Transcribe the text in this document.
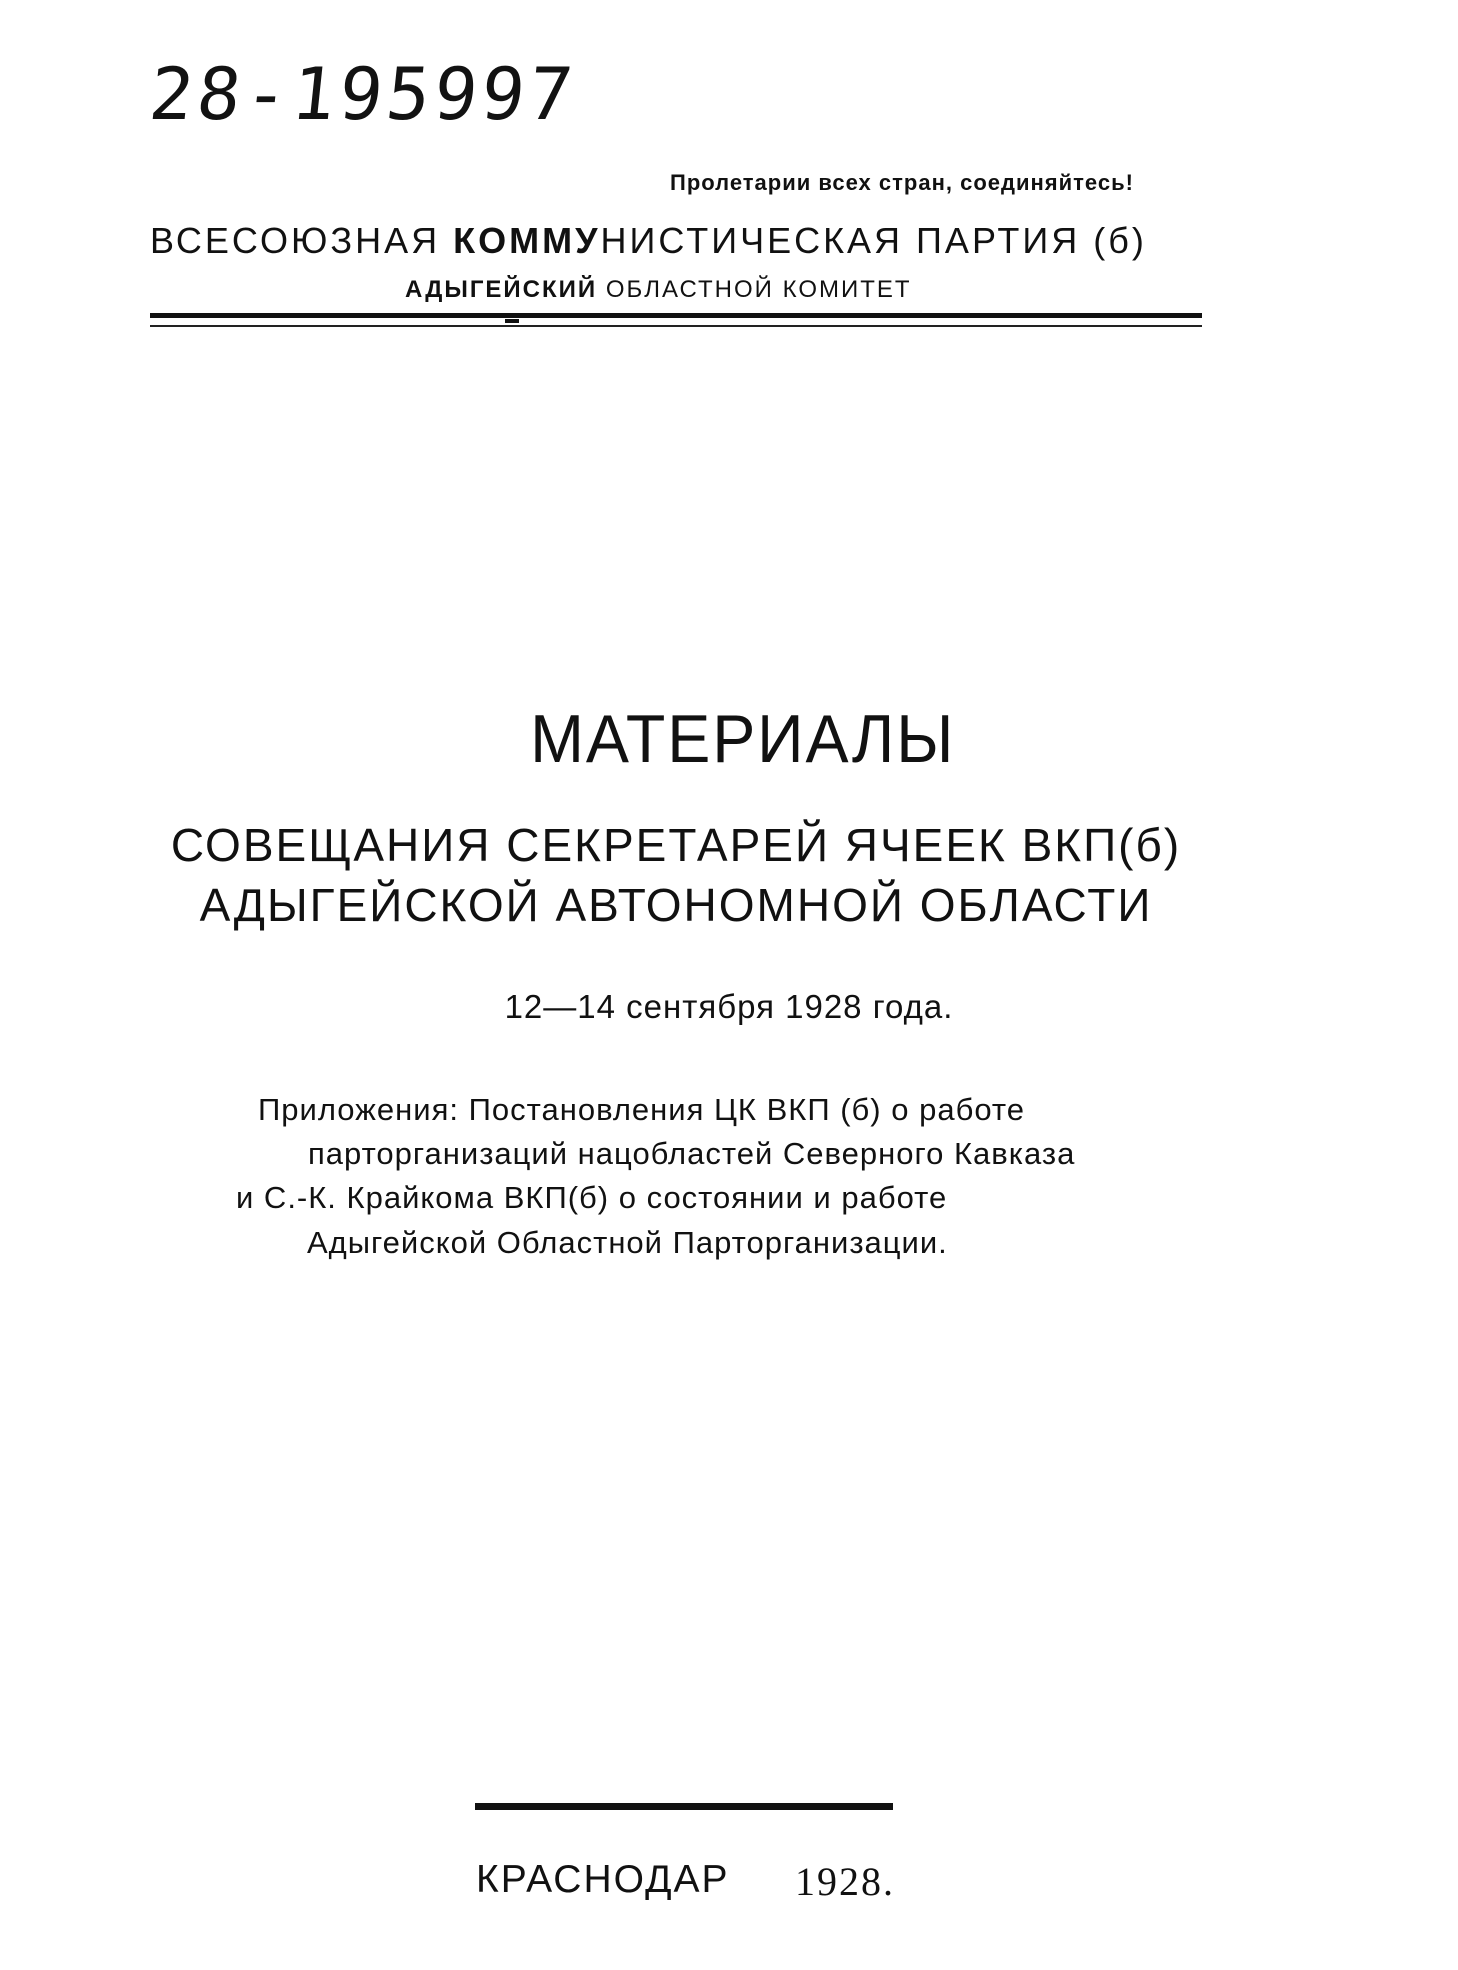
28-195997
Пролетарии всех стран, соединяйтесь!
ВСЕСОЮЗНАЯ КОММУНИСТИЧЕСКАЯ ПАРТИЯ (б)
АДЫГЕЙСКИЙ ОБЛАСТНОЙ КОМИТЕТ
МАТЕРИАЛЫ
СОВЕЩАНИЯ СЕКРЕТАРЕЙ ЯЧЕЕК ВКП(б)
АДЫГЕЙСКОЙ АВТОНОМНОЙ ОБЛАСТИ
12—14 сентября 1928 года.
Приложения: Постановления ЦК ВКП (б) о работе
парторганизаций нацобластей Северного Кавказа
и С.-К. Крайкома ВКП(б) о состоянии и работе
Адыгейской Областной Парторганизации.
КРАСНОДАР 1928.
